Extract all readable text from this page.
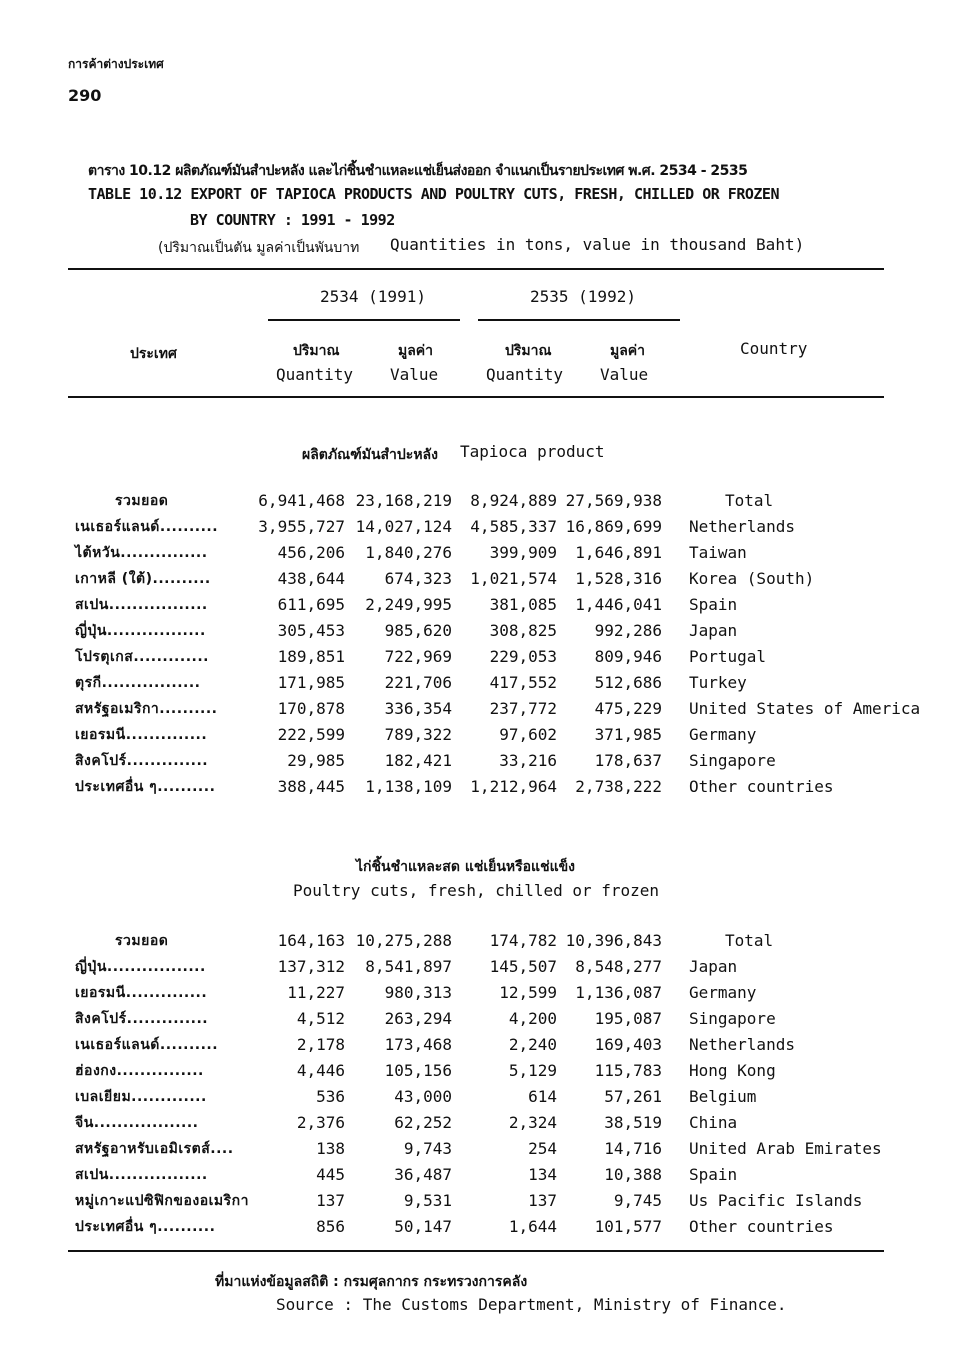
การค้าต่างประเทศ
290
ตาราง 10.12 ผลิตภัณฑ์มันสำปะหลัง และไก่ชิ้นชำแหละแช่เย็นส่งออก จำแนกเป็นรายประเทศ พ.ศ. 2534 - 2535
TABLE 10.12 EXPORT OF TAPIOCA PRODUCTS AND POULTRY CUTS, FRESH, CHILLED OR FROZEN
BY COUNTRY : 1991 - 1992
(ปริมาณเป็นตัน มูลค่าเป็นพันบาท Quantities in tons, value in thousand Baht)
2534 (1991)	2535 (1992)
ประเทศ	ปริมาณ	มูลค่า	ปริมาณ	มูลค่า	Country
Quantity Value	Quantity Value
ผลิตภัณฑ์มันสำปะหลัง Tapioca product
รวมยอด	6,941,468 23,168,219 8,924,889 27,569,938	Total
เนเธอร์แลนด์..........	3,955,727 14,027,124 4,585,337 16,869,699 Netherlands
ไต้หวัน...............	456,206 1,840,276 399,909 1,646,891 Taiwan
เกาหลี (ใต้)..........	438,644 674,323 1,021,574 1,528,316 Korea (South)
สเปน.................	611,695 2,249,995 381,085 1,446,041 Spain
ญี่ปุ่น.................	305,453 985,620 308,825 992,286 Japan
โปรตุเกส.............	189,851 722,969 229,053 809,946 Portugal
ตุรกี.................	171,985 221,706 417,552 512,686 Turkey
สหรัฐอเมริกา..........	170,878 336,354 237,772 475,229 United States of America
เยอรมนี..............	222,599 789,322	97,602 371,985 Germany
สิงคโปร์..............	29,985 182,421	33,216 178,637 Singapore
ประเทศอื่น ๆ..........	388,445 1,138,109 1,212,964 2,738,222 Other countries
ไก่ชิ้นชำแหละสด แช่เย็นหรือแช่แข็ง
Poultry cuts, fresh, chilled or frozen
รวมยอด	164,163 10,275,288 174,782 10,396,843	Total
ญี่ปุ่น.................	137,312 8,541,897 145,507 8,548,277 Japan
เยอรมนี..............	11,227 980,313	12,599 1,136,087 Germany
สิงคโปร์..............	4,512 263,294	4,200 195,087 Singapore
เนเธอร์แลนด์..........	2,178 173,468	2,240 169,403 Netherlands
ฮ่องกง...............	4,446 105,156	5,129 115,783 Hong Kong
เบลเยียม.............	536	43,000	614	57,261 Belgium
จีน..................	2,376	62,252	2,324	38,519 China
สหรัฐอาหรับเอมิเรตส์....	138	9,743	254	14,716 United Arab Emirates
สเปน.................	445	36,487	134	10,388 Spain
หมู่เกาะแปซิฟิกของอเมริกา	137	9,531	137	9,745 Us Pacific Islands
ประเทศอื่น ๆ..........	856	50,147	1,644 101,577 Other countries
ที่มาแห่งข้อมูลสถิติ : กรมศุลกากร กระทรวงการคลัง
Source : The Customs Department, Ministry of Finance.
